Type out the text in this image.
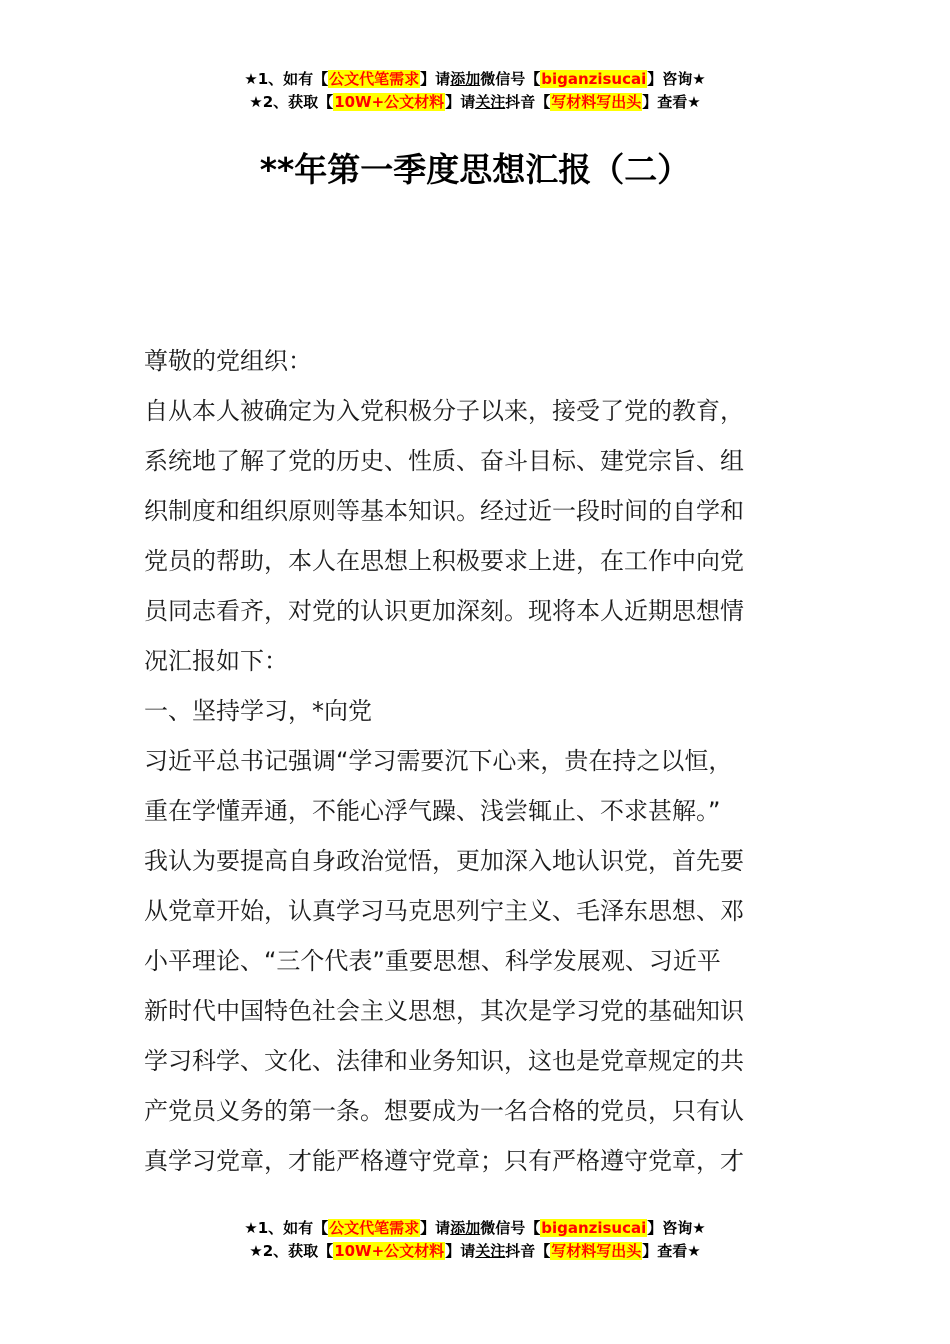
★1、如有【公文代笔需求】请添加微信号【biganzisucai】咨询★
★2、获取【10W+公文材料】请关注抖音【写材料写出头】查看★
**年第一季度思想汇报（二）
尊敬的党组织：
自从本人被确定为入党积极分子以来，接受了党的教育，
系统地了解了党的历史、性质、奋斗目标、建党宗旨、组
织制度和组织原则等基本知识。经过近一段时间的自学和
党员的帮助，本人在思想上积极要求上进，在工作中向党
员同志看齐，对党的认识更加深刻。现将本人近期思想情
况汇报如下：
一、坚持学习，*向党
习近平总书记强调“学习需要沉下心来，贵在持之以恒，
重在学懂弄通，不能心浮气躁、浅尝辄止、不求甚解。”
我认为要提高自身政治觉悟，更加深入地认识党，首先要
从党章开始，认真学习马克思列宁主义、毛泽东思想、邓
小平理论、“三个代表”重要思想、科学发展观、习近平
新时代中国特色社会主义思想，其次是学习党的基础知识
学习科学、文化、法律和业务知识，这也是党章规定的共
产党员义务的第一条。想要成为一名合格的党员，只有认
真学习党章，才能严格遵守党章；只有严格遵守党章，才
★1、如有【公文代笔需求】请添加微信号【biganzisucai】咨询★
★2、获取【10W+公文材料】请关注抖音【写材料写出头】查看★
